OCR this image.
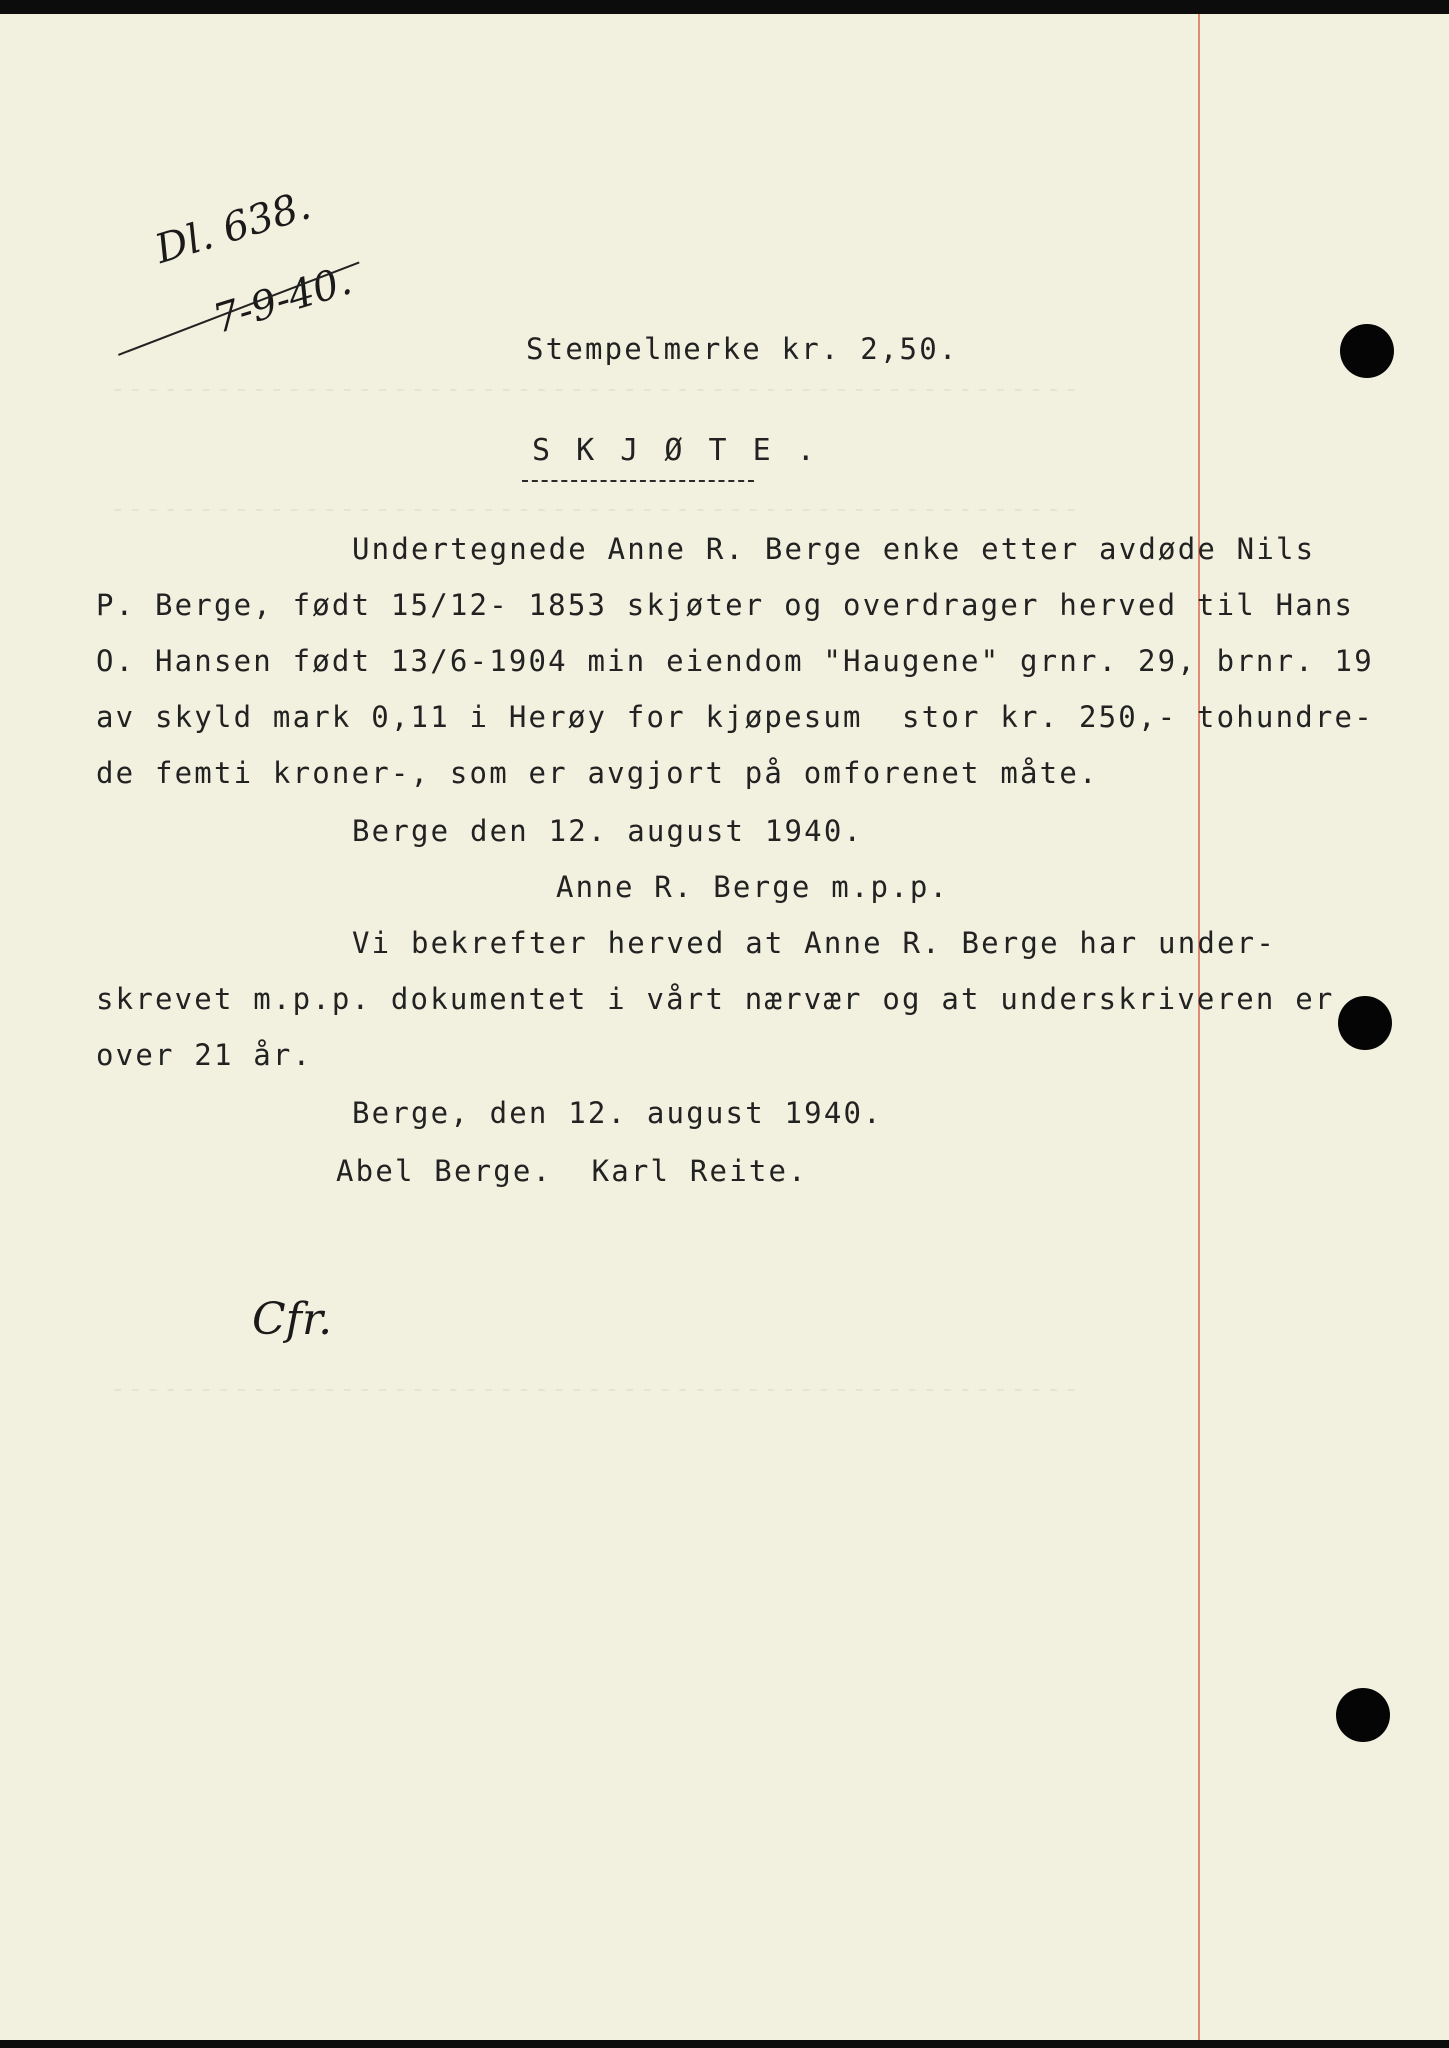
-------------------------------------------------------
-------------------------------------------------------
-------------------------------------------------------
Dl. 638.
7-9-40.
Stempelmerke kr. 2,50.
S K J Ø T E .
Undertegnede Anne R. Berge enke etter avdøde Nils
P. Berge, født 15/12- 1853 skjøter og overdrager herved til Hans
O. Hansen født 13/6-1904 min eiendom "Haugene" grnr. 29, brnr. 19
av skyld mark 0,11 i Herøy for kjøpesum  stor kr. 250,- tohundre-
de femti kroner-, som er avgjort på omforenet måte.
Berge den 12. august 1940.
Anne R. Berge m.p.p.
Vi bekrefter herved at Anne R. Berge har under-
skrevet m.p.p. dokumentet i vårt nærvær og at underskriveren er
over 21 år.
Berge, den 12. august 1940.
Abel Berge.  Karl Reite.
Cfr.
